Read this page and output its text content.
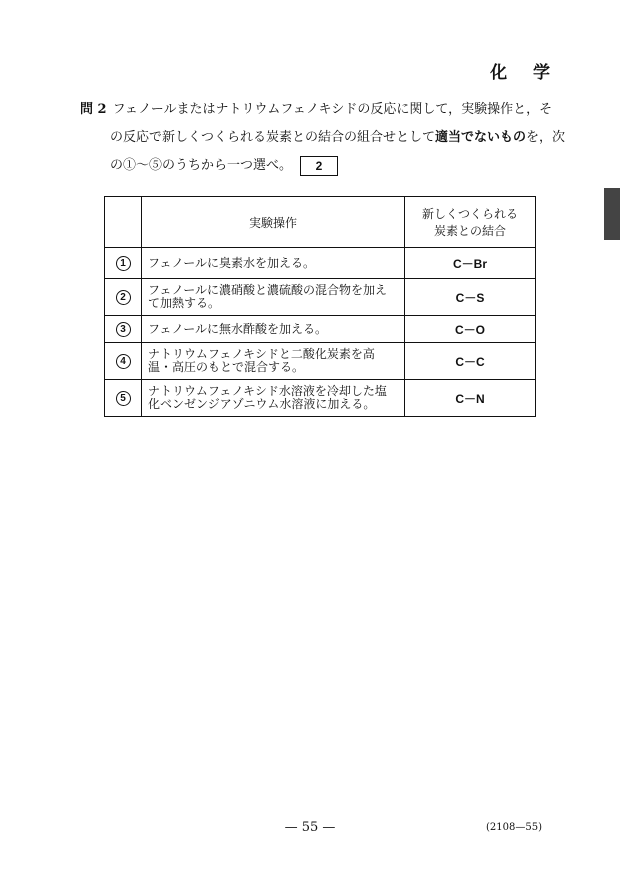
化 学
問 2 フェノールまたはナトリウムフェノキシドの反応に関して，実験操作と，そ
の反応で新しくつくられる炭素との結合の組合せとして適当でないものを，次
の①～⑤のうちから一つ選べ。 2
	実験操作	新しくつくられる
炭素との結合
1	フェノールに臭素水を加える。	C－Br
2	フェノールに濃硝酸と濃硫酸の混合物を加え
て加熱する。	C－S
3	フェノールに無水酢酸を加える。	C－O
4	ナトリウムフェノキシドと二酸化炭素を高
温・高圧のもとで混合する。	C－C
5	ナトリウムフェノキシド水溶液を冷却した塩
化ベンゼンジアゾニウム水溶液に加える。	C－N
— 55 —	(2108—55)
